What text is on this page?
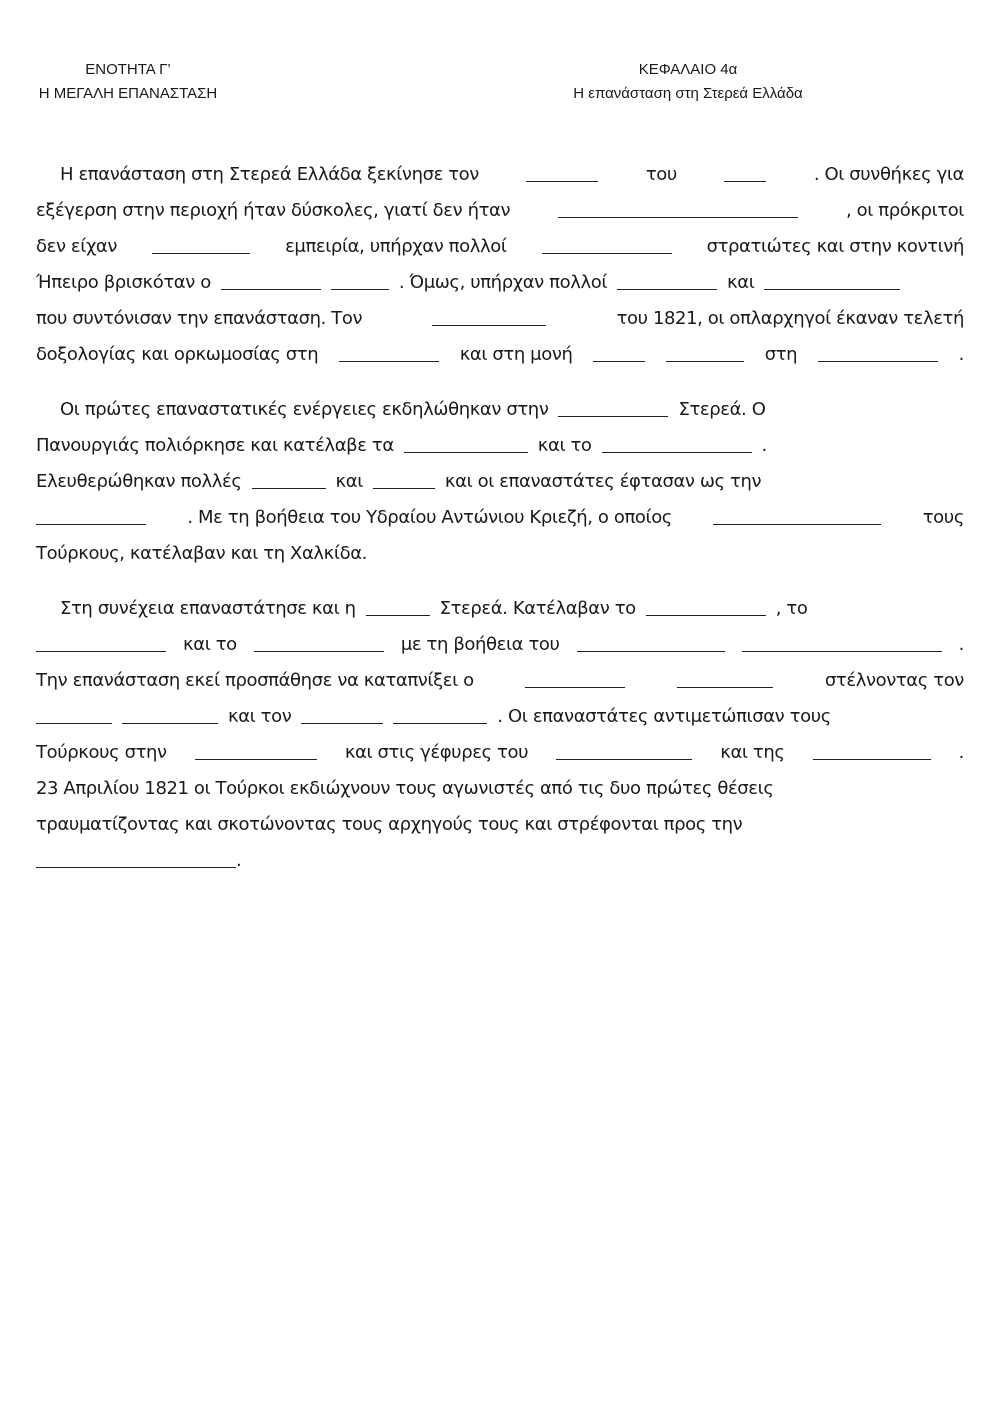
ΕΝΟΤΗΤΑ Γ’
Η ΜΕΓΑΛΗ ΕΠΑΝΑΣΤΑΣΗ
ΚΕΦΑΛΑΙΟ 4α
Η επανάσταση στη Στερεά Ελλάδα
Η επανάσταση στη Στερεά Ελλάδα ξεκίνησε τον	του	. Οι συνθήκες για
εξέγερση στην περιοχή ήταν δύσκολες, γιατί δεν ήταν	, οι πρόκριτοι
δεν είχαν	εμπειρία, υπήρχαν πολλοί	στρατιώτες και στην κοντινή
Ήπειρο βρισκόταν ο	. Όμως, υπήρχαν πολλοί	και
που συντόνισαν την επανάσταση. Τον	του 1821, οι οπλαρχηγοί έκαναν τελετή
δοξολογίας και ορκωμοσίας στη	και στη μονή	στη	.
Οι πρώτες επαναστατικές ενέργειες εκδηλώθηκαν στην	Στερεά. Ο
Πανουργιάς πολιόρκησε και κατέλαβε τα	και το	.
Ελευθερώθηκαν πολλές	και	και οι επαναστάτες έφτασαν ως την
. Με τη βοήθεια του Υδραίου Αντώνιου Κριεζή, ο οποίος	τους
Τούρκους, κατέλαβαν και τη Χαλκίδα.
Στη συνέχεια επαναστάτησε και η	Στερεά. Κατέλαβαν το	, το
και το	με τη βοήθεια του	.
Την επανάσταση εκεί προσπάθησε να καταπνίξει ο	στέλνοντας τον
και τον	. Οι επαναστάτες αντιμετώπισαν τους
Τούρκους στην	και στις γέφυρες του	και της	.
23 Απριλίου 1821 οι Τούρκοι εκδιώχνουν τους αγωνιστές από τις δυο πρώτες θέσεις
τραυματίζοντας και σκοτώνοντας τους αρχηγούς τους και στρέφονται προς την
.
